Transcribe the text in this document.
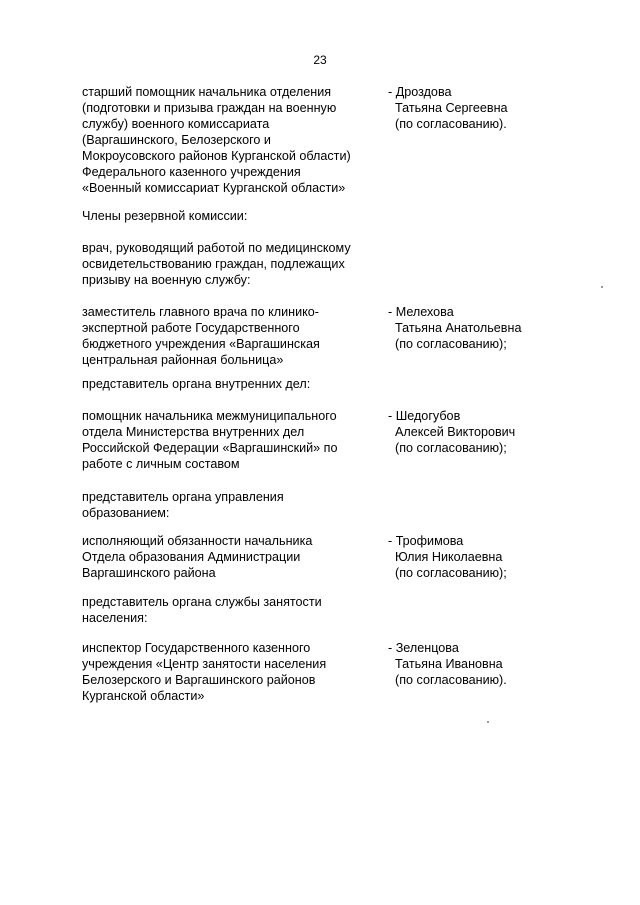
23
старший помощник начальника отделения
(подготовки и призыва граждан на военную
службу) военного комиссариата
(Варгашинского, Белозерского и
Мокроусовского районов Курганской области)
Федерального казенного учреждения
«Военный комиссариат Курганской области»
- Дроздова
Татьяна Сергеевна
(по согласованию).
Члены резервной комиссии:
врач, руководящий работой по медицинскому
освидетельствованию граждан, подлежащих
призыву на военную службу:
заместитель главного врача по клинико-
экспертной работе Государственного
бюджетного учреждения «Варгашинская
центральная районная больница»
- Мелехова
Татьяна Анатольевна
(по согласованию);
представитель органа внутренних дел:
помощник начальника межмуниципального
отдела Министерства внутренних дел
Российской Федерации «Варгашинский» по
работе с личным составом
- Шедогубов
Алексей Викторович
(по согласованию);
представитель органа управления
образованием:
исполняющий обязанности начальника
Отдела образования Администрации
Варгашинского района
- Трофимова
Юлия Николаевна
(по согласованию);
представитель органа службы занятости
населения:
инспектор Государственного казенного
учреждения «Центр занятости населения
Белозерского и Варгашинского районов
Курганской области»
- Зеленцова
Татьяна Ивановна
(по согласованию).
